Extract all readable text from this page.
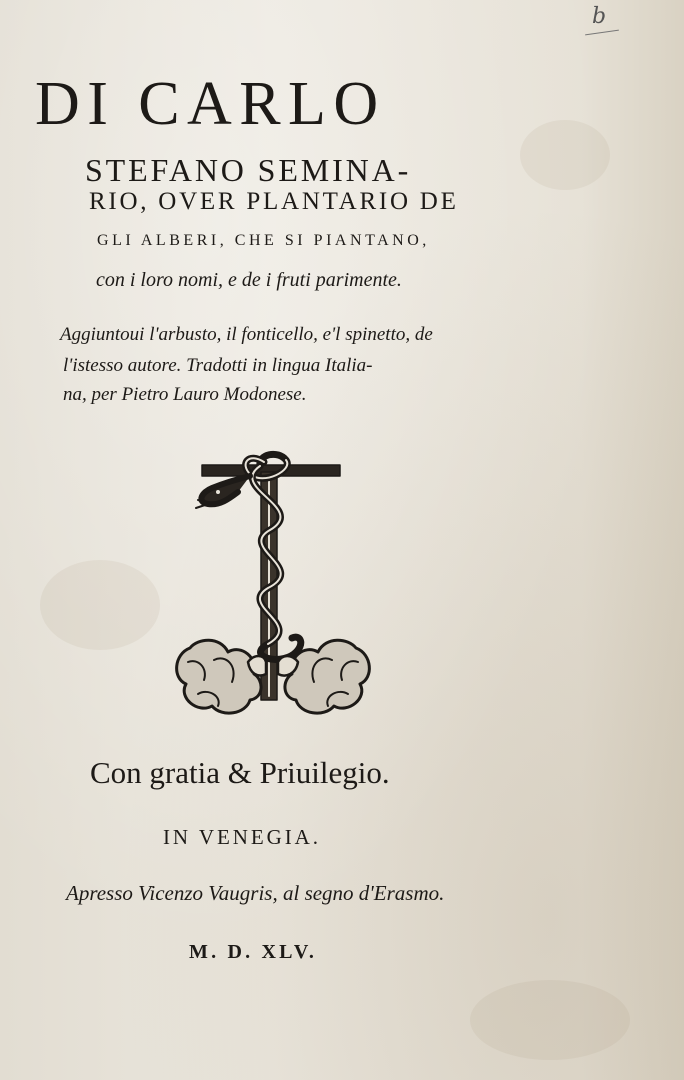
b
DI CARLO
STEFANO SEMINA-
RIO, OVER PLANTARIO DE
GLI ALBERI, CHE SI PIANTANO,
con i loro nomi, e de i fruti parimente.
Aggiuntoui l'arbusto, il fonticello, e'l spinetto, de
l'istesso autore. Tradotti in lingua Italia-
na, per Pietro Lauro Modonese.
Con gratia & Priuilegio.
IN VENEGIA.
Apresso Vicenzo Vaugris, al segno d'Erasmo.
M. D. XLV.
